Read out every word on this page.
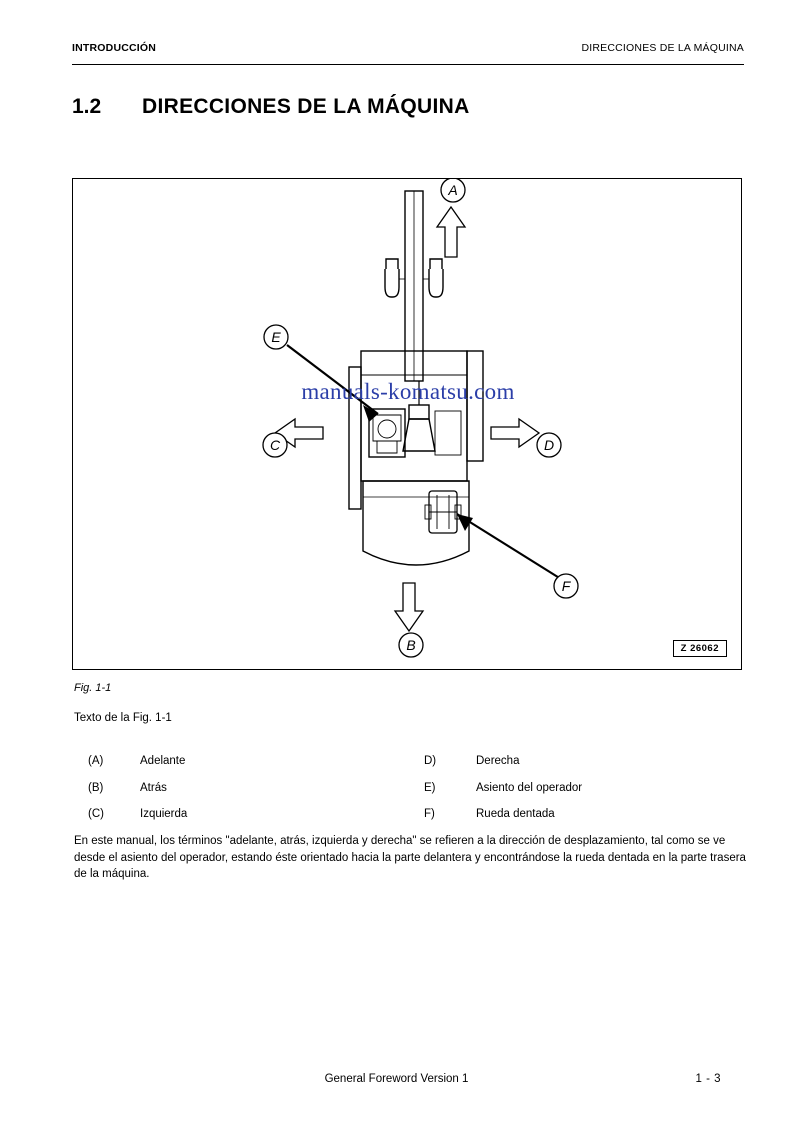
INTRODUCCIÓN	DIRECCIONES DE LA MÁQUINA
1.2	DIRECCIONES DE LA MÁQUINA
A
B
C	D
E
F
manuals-komatsu.com
Z 26062
Fig. 1-1
Texto de la Fig. 1-1
(A)	Adelante	D)	Derecha
(B)	Atrás	E)	Asiento del operador
(C)	Izquierda	F)	Rueda dentada
En este manual, los términos "adelante, atrás, izquierda y derecha" se refieren a la dirección de desplazamiento, tal como se ve desde el asiento del operador, estando éste orientado hacia la parte delantera y encontrándose la rueda dentada en la parte trasera de la máquina.
General Foreword Version 1	1 - 3
